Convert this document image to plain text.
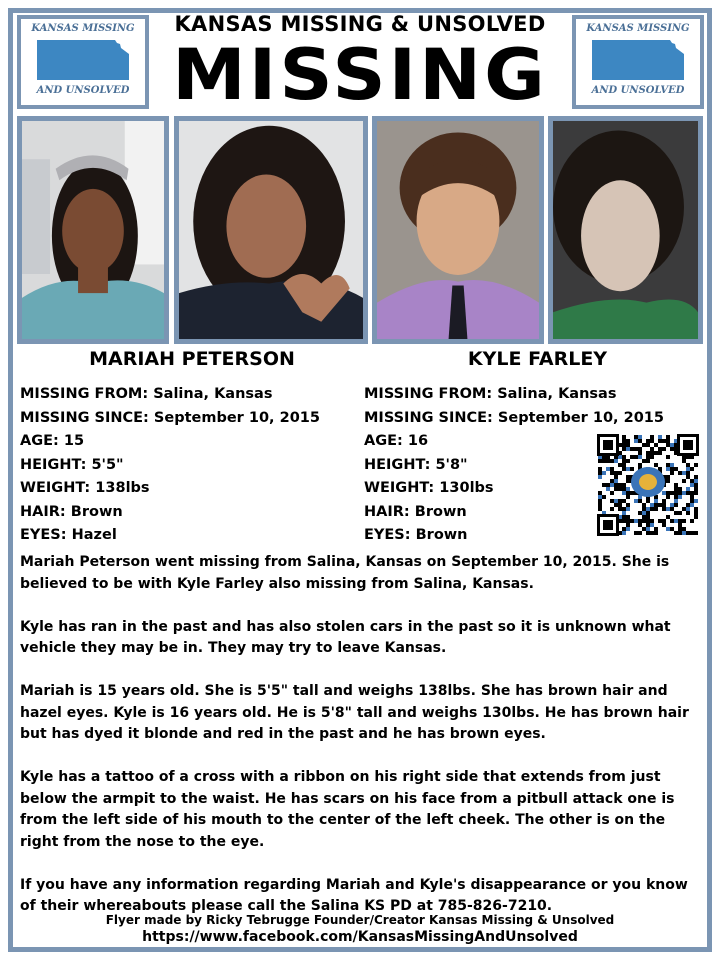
KANSAS MISSING
AND UNSOLVED
KANSAS MISSING
AND UNSOLVED
KANSAS MISSING & UNSOLVED
MISSING
MARIAH PETERSON	KYLE FARLEY
MISSING FROM: Salina, Kansas
MISSING SINCE: September 10, 2015
AGE: 15
HEIGHT: 5'5"
WEIGHT: 138lbs
HAIR: Brown
EYES: Hazel
MISSING FROM: Salina, Kansas
MISSING SINCE: September 10, 2015
AGE: 16
HEIGHT: 5'8"
WEIGHT: 130lbs
HAIR: Brown
EYES: Brown

Mariah Peterson went missing from Salina, Kansas on September 10, 2015. She is believed to be with Kyle Farley also missing from Salina, Kansas.

Kyle has ran in the past and has also stolen cars in the past so it is unknown what vehicle they may be in. They may try to leave Kansas.

Mariah is 15 years old. She is 5'5" tall and weighs 138lbs. She has brown hair and hazel eyes. Kyle is 16 years old. He is 5'8" tall and weighs 130lbs. He has brown hair but has dyed it blonde and red in the past and he has brown eyes.

Kyle has a tattoo of a cross with a ribbon on his right side that extends from just below the armpit to the waist. He has scars on his face from a pitbull attack one is from the left side of his mouth to the center of the left cheek. The other is on the right from the nose to the eye.

If you have any information regarding Mariah and Kyle's disappearance or you know of their whereabouts please call the Salina KS PD at 785-826-7210.

Flyer made by Ricky Tebrugge Founder/Creator Kansas Missing & Unsolved
https://www.facebook.com/KansasMissingAndUnsolved
